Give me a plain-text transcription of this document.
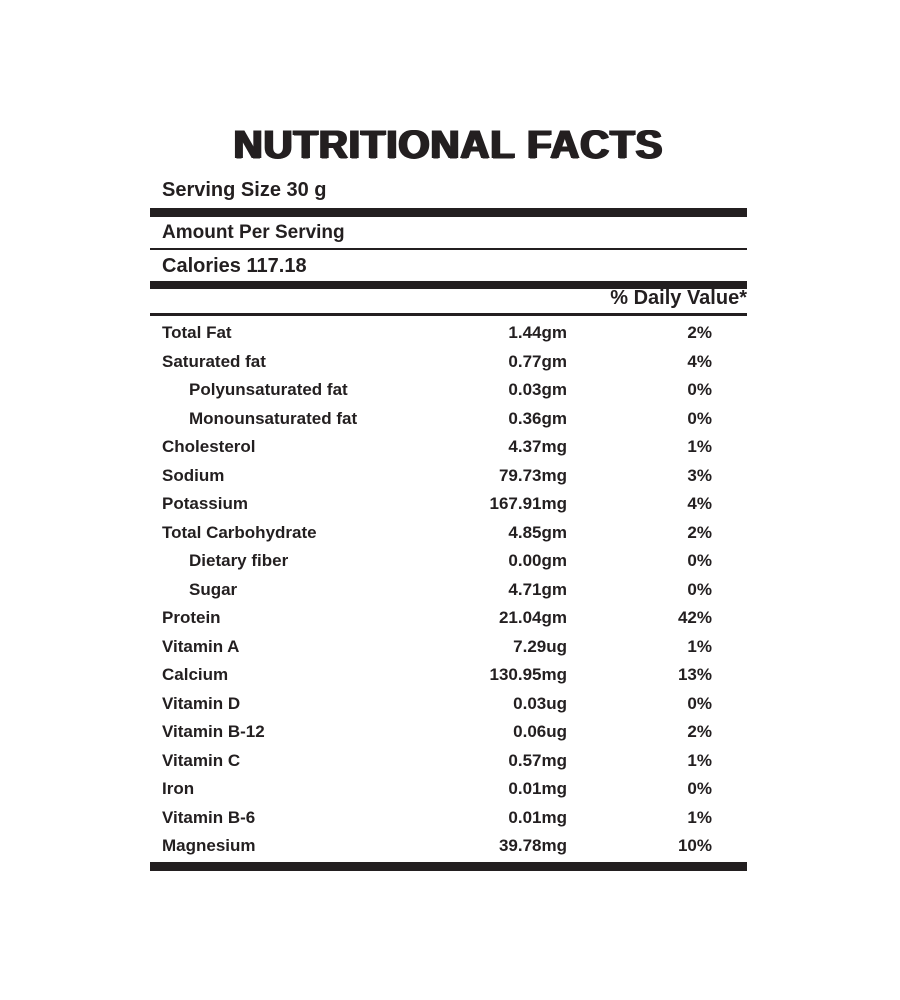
NUTRITIONAL FACTS
Serving Size 30 g
Amount Per Serving
Calories 117.18
% Daily Value*
Total Fat	1.44gm	2%
Saturated fat	0.77gm	4%
Polyunsaturated fat	0.03gm	0%
Monounsaturated fat	0.36gm	0%
Cholesterol	4.37mg	1%
Sodium	79.73mg	3%
Potassium	167.91mg	4%
Total Carbohydrate	4.85gm	2%
Dietary fiber	0.00gm	0%
Sugar	4.71gm	0%
Protein	21.04gm	42%
Vitamin A	7.29ug	1%
Calcium	130.95mg	13%
Vitamin D	0.03ug	0%
Vitamin B-12	0.06ug	2%
Vitamin C	0.57mg	1%
Iron	0.01mg	0%
Vitamin B-6	0.01mg	1%
Magnesium	39.78mg	10%
